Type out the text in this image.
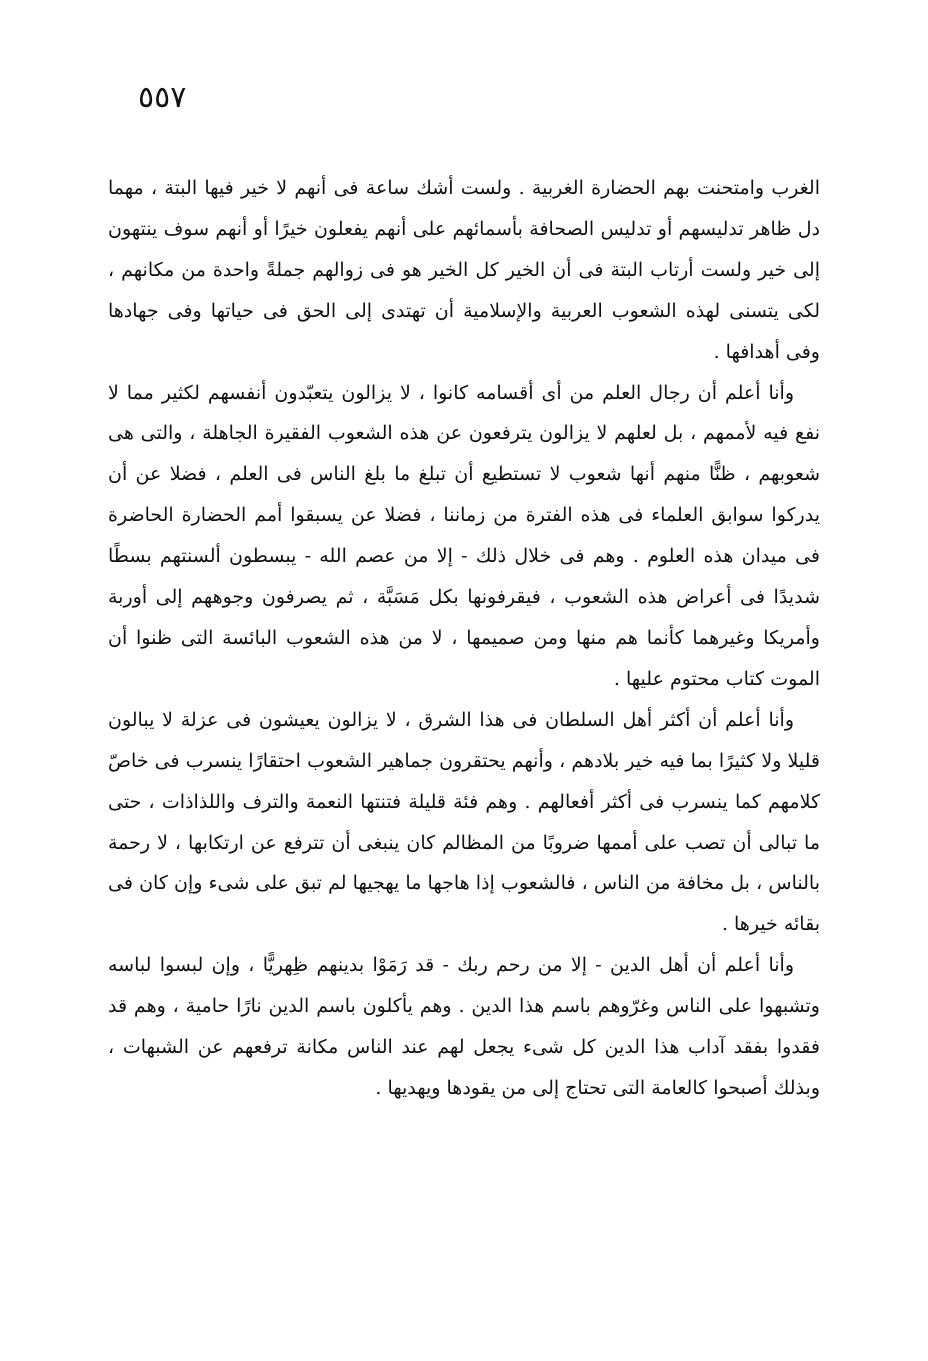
٥٥٧

الغرب وامتحنت بهم الحضارة الغربية . ولست أشك ساعة فى أنهم لا خير فيها البتة ، مهما دل ظاهر تدليسهم أو تدليس الصحافة بأسمائهم على أنهم يفعلون خيرًا أو أنهم سوف ينتهون إلى خير ولست أرتاب البتة فى أن الخير كل الخير هو فى زوالهم جملةً واحدة من مكانهم ، لكى يتسنى لهذه الشعوب العربية والإسلامية أن تهتدى إلى الحق فى حياتها وفى جهادها وفى أهدافها .

وأنا أعلم أن رجال العلم من أى أقسامه كانوا ، لا يزالون يتعبّدون أنفسهم لكثير مما لا نفع فيه لأممهم ، بل لعلهم لا يزالون يترفعون عن هذه الشعوب الفقيرة الجاهلة ، والتى هى شعوبهم ، ظنًّا منهم أنها شعوب لا تستطيع أن تبلغ ما بلغ الناس فى العلم ، فضلا عن أن يدركوا سوابق العلماء فى هذه الفترة من زماننا ، فضلا عن يسبقوا أمم الحضارة الحاضرة فى ميدان هذه العلوم . وهم فى خلال ذلك - إلا من عصم الله - يبسطون ألسنتهم بسطًا شديدًا فى أعراض هذه الشعوب ، فيقرفونها بكل مَسَبَّة ، ثم يصرفون وجوههم إلى أوربة وأمريكا وغيرهما كأنما هم منها ومن صميمها ، لا من هذه الشعوب البائسة التى ظنوا أن الموت كتاب محتوم عليها .

وأنا أعلم أن أكثر أهل السلطان فى هذا الشرق ، لا يزالون يعيشون فى عزلة لا يبالون قليلا ولا كثيرًا بما فيه خير بلادهم ، وأنهم يحتقرون جماهير الشعوب احتقارًا ينسرب فى خاصّ كلامهم كما ينسرب فى أكثر أفعالهم . وهم فئة قليلة فتنتها النعمة والترف واللذاذات ، حتى ما تبالى أن تصب على أممها ضروبًا من المظالم كان ينبغى أن تترفع عن ارتكابها ، لا رحمة بالناس ، بل مخافة من الناس ، فالشعوب إذا هاجها ما يهجيها لم تبق على شىء وإن كان فى بقائه خيرها .

وأنا أعلم أن أهل الدين - إلا من رحم ربك - قد رَمَوْا بدينهم ظِهريًّا ، وإن لبسوا لباسه وتشبهوا على الناس وغرّوهم باسم هذا الدين . وهم يأكلون باسم الدين نارًا حامية ، وهم قد فقدوا بفقد آداب هذا الدين كل شىء يجعل لهم عند الناس مكانة ترفعهم عن الشبهات ، وبذلك أصبحوا كالعامة التى تحتاج إلى من يقودها ويهديها .
